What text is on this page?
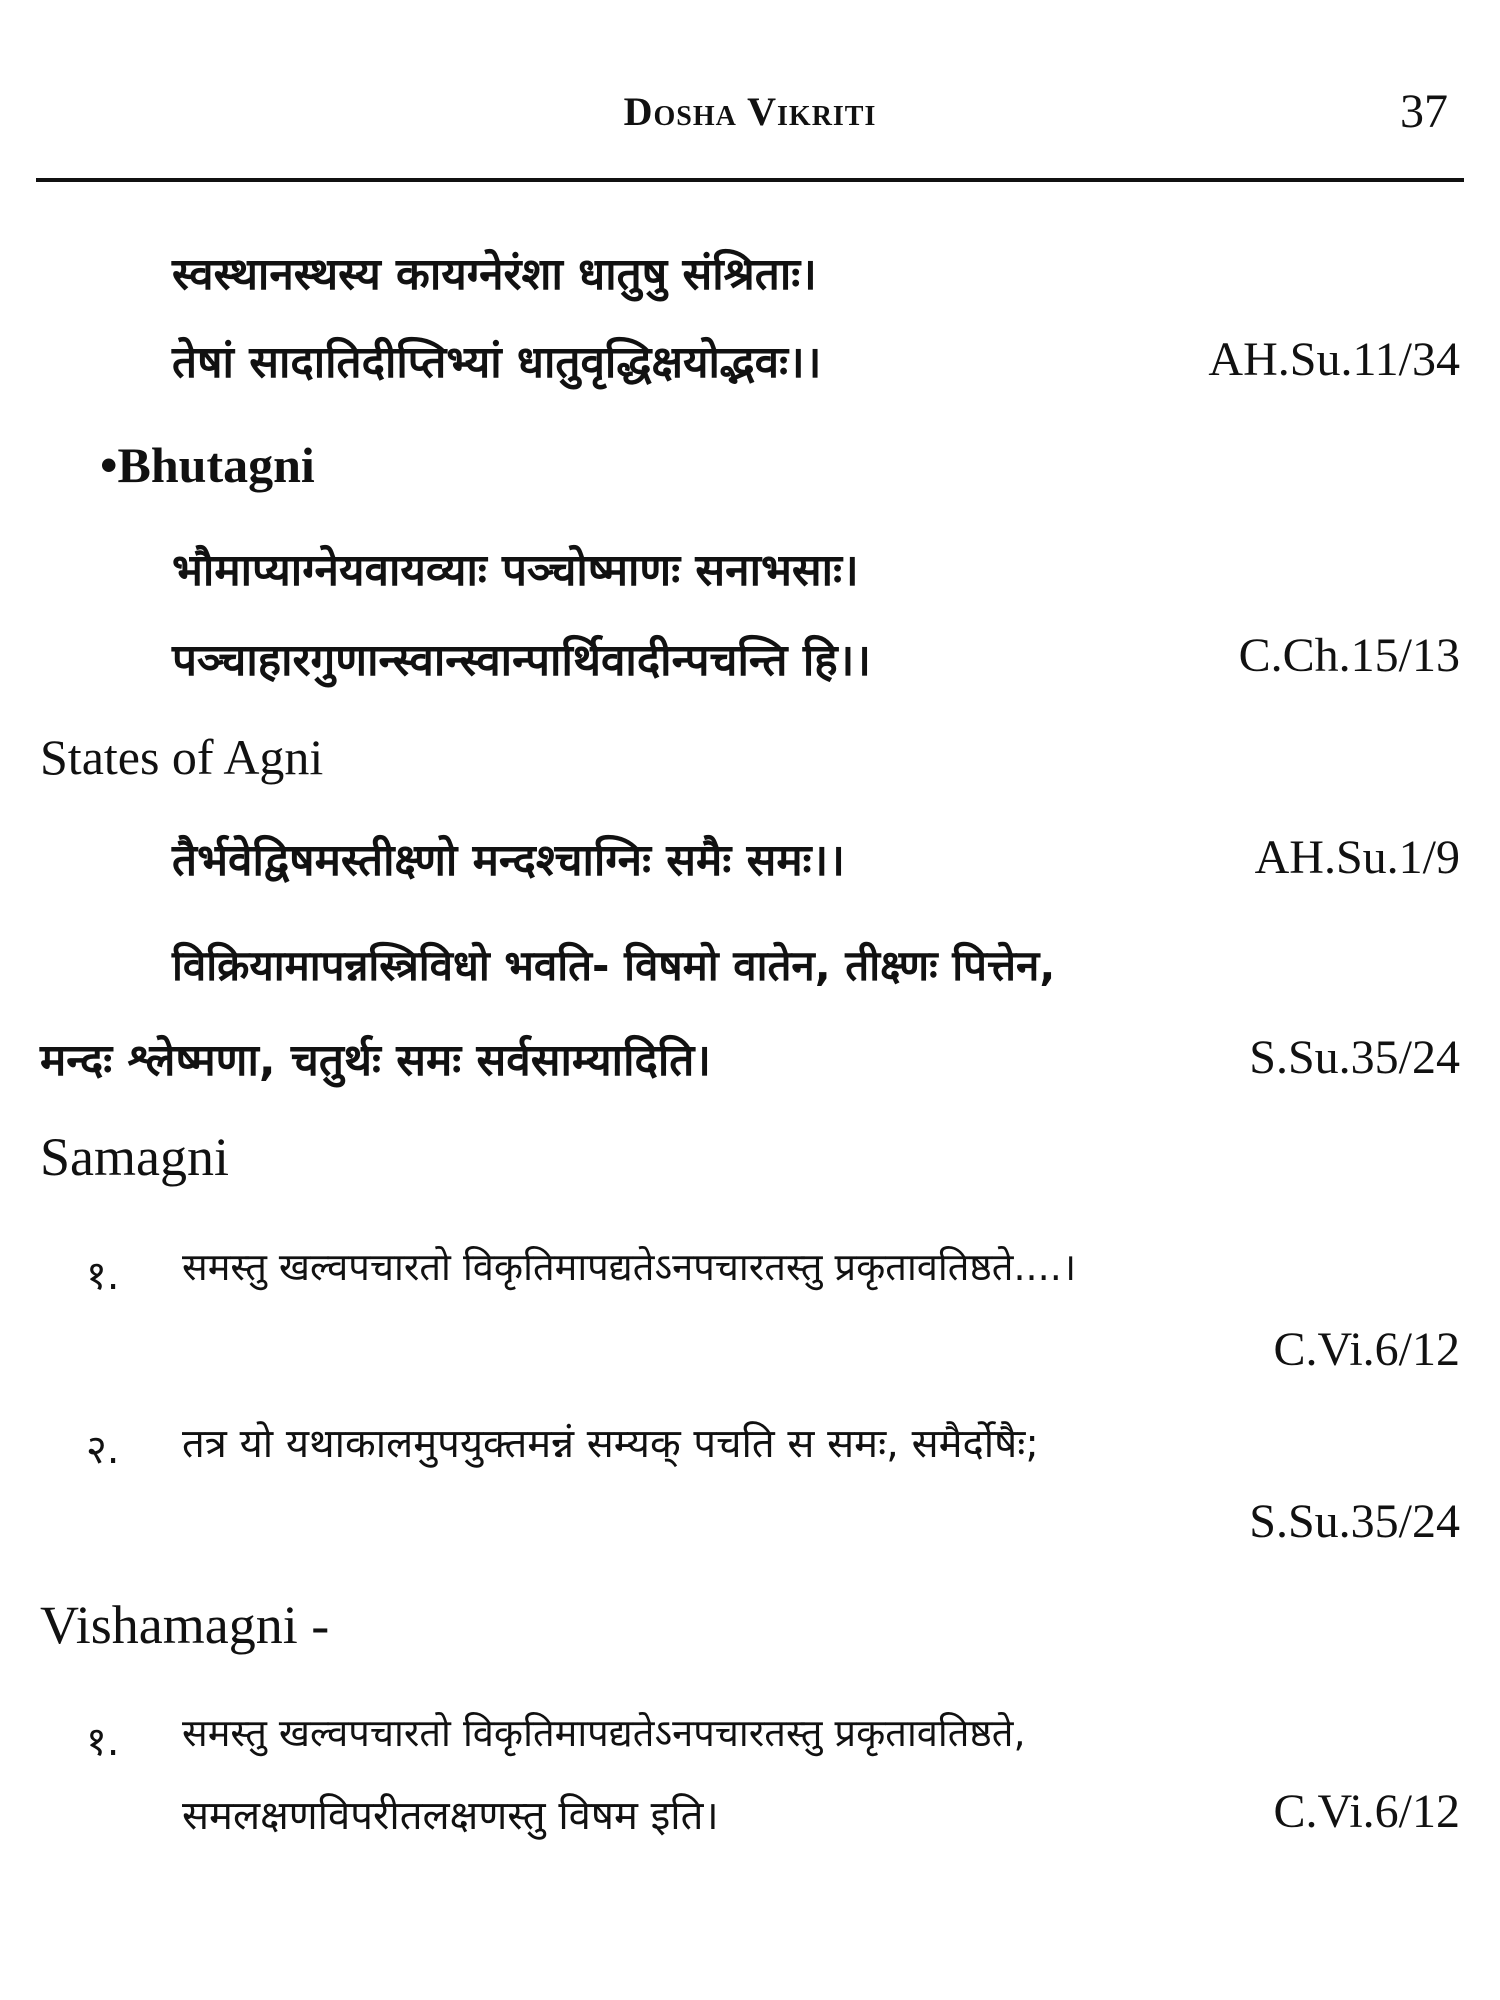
Dosha Vikriti	37
स्वस्थानस्थस्य कायग्नेरंशा धातुषु संश्रिताः।
तेषां सादातिदीप्तिभ्यां धातुवृद्धिक्षयोद्भवः।।	AH.Su.11/34
•Bhutagni
भौमाप्याग्नेयवायव्याः पञ्चोष्माणः सनाभसाः।
पञ्चाहारगुणान्स्वान्स्वान्पार्थिवादीन्पचन्ति हि।।	C.Ch.15/13
States of Agni
तैर्भवेद्विषमस्तीक्ष्णो मन्दश्चाग्निः समैः समः।।	AH.Su.1/9
विक्रियामापन्नस्त्रिविधो भवति- विषमो वातेन, तीक्ष्णः पित्तेन,
मन्दः श्लेष्मणा, चतुर्थः समः सर्वसाम्यादिति।	S.Su.35/24
Samagni
१. समस्तु खल्वपचारतो विकृतिमापद्यतेऽनपचारतस्तु प्रकृतावतिष्ठते....।
C.Vi.6/12
२. तत्र यो यथाकालमुपयुक्तमन्नं सम्यक् पचति स समः, समैर्दोषैः;
S.Su.35/24
Vishamagni -
१. समस्तु खल्वपचारतो विकृतिमापद्यतेऽनपचारतस्तु प्रकृतावतिष्ठते,
समलक्षणविपरीतलक्षणस्तु विषम इति।	C.Vi.6/12
